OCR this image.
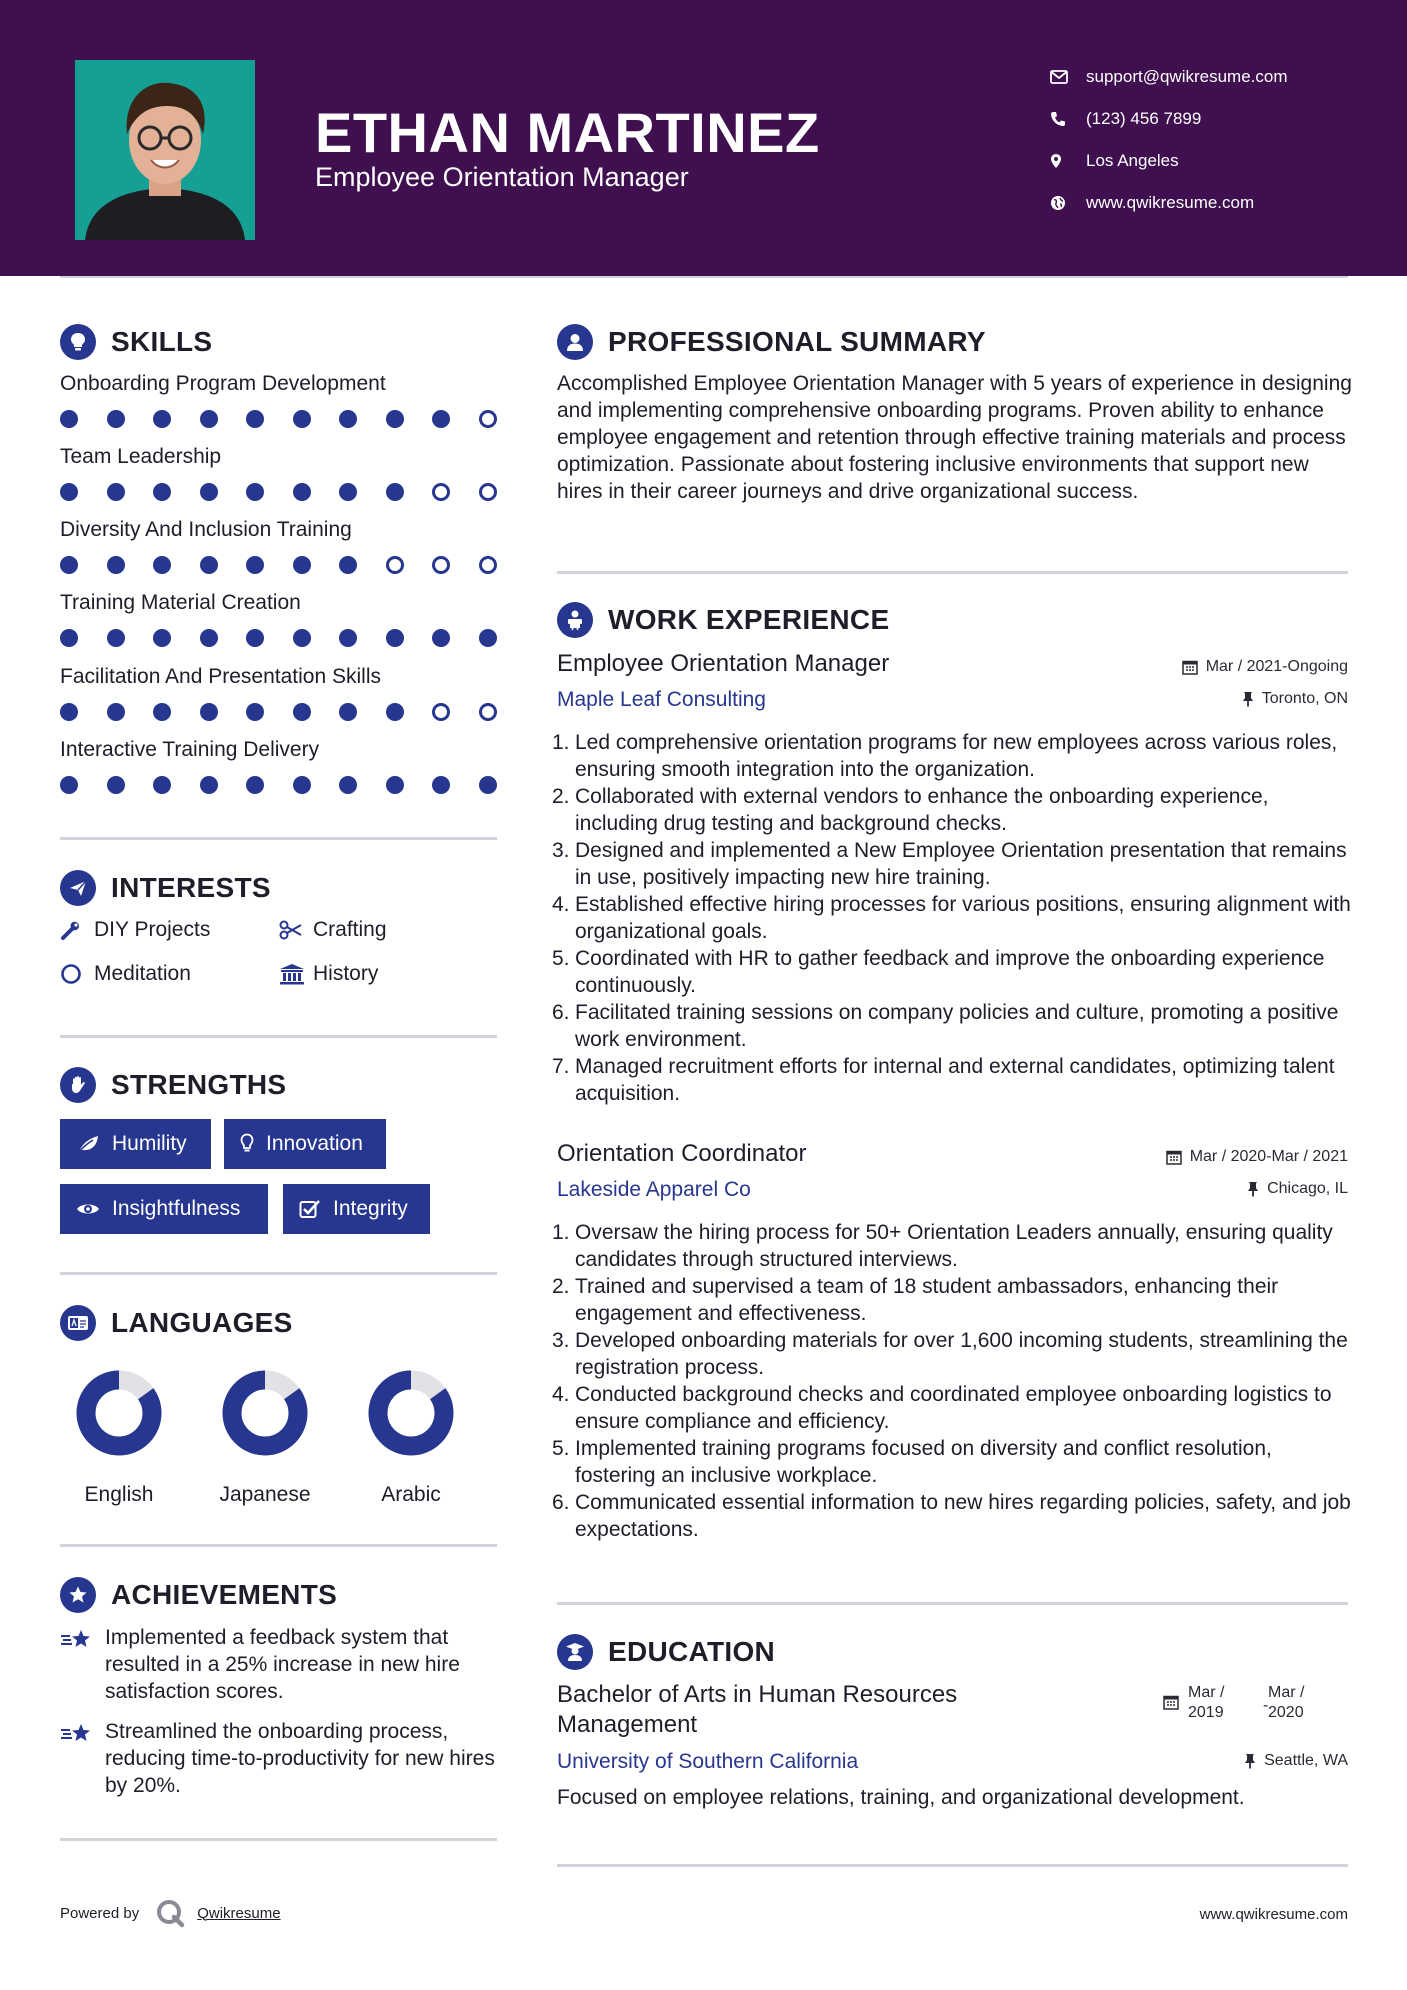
ETHAN MARTINEZ
Employee Orientation Manager
support@qwikresume.com
(123) 456 7899
Los Angeles
www.qwikresume.com
SKILLS
Onboarding Program Development
Team Leadership
Diversity And Inclusion Training
Training Material Creation
Facilitation And Presentation Skills
Interactive Training Delivery
INTERESTS
DIY Projects	Crafting
Meditation	History
STRENGTHS
Humility	Innovation
Insightfulness	Integrity
LANGUAGES
English	Japanese	Arabic
ACHIEVEMENTS
Implemented a feedback system that resulted in a 25% increase in new hire satisfaction scores.
Streamlined the onboarding process, reducing time-to-productivity for new hires by 20%.
PROFESSIONAL SUMMARY
Accomplished Employee Orientation Manager with 5 years of experience in designing and implementing comprehensive onboarding programs. Proven ability to enhance employee engagement and retention through effective training materials and process optimization. Passionate about fostering inclusive environments that support new hires in their career journeys and drive organizational success.
WORK EXPERIENCE
Employee Orientation Manager
Maple Leaf Consulting
Mar / 2021-Ongoing
Toronto, ON
1. Led comprehensive orientation programs for new employees across various roles, ensuring smooth integration into the organization.
2. Collaborated with external vendors to enhance the onboarding experience, including drug testing and background checks.
3. Designed and implemented a New Employee Orientation presentation that remains in use, positively impacting new hire training.
4. Established effective hiring processes for various positions, ensuring alignment with organizational goals.
5. Coordinated with HR to gather feedback and improve the onboarding experience continuously.
6. Facilitated training sessions on company policies and culture, promoting a positive work environment.
7. Managed recruitment efforts for internal and external candidates, optimizing talent acquisition.
Orientation Coordinator
Lakeside Apparel Co
Mar / 2020-Mar / 2021
Chicago, IL
1. Oversaw the hiring process for 50+ Orientation Leaders annually, ensuring quality candidates through structured interviews.
2. Trained and supervised a team of 18 student ambassadors, enhancing their engagement and effectiveness.
3. Developed onboarding materials for over 1,600 incoming students, streamlining the registration process.
4. Conducted background checks and coordinated employee onboarding logistics to ensure compliance and efficiency.
5. Implemented training programs focused on diversity and conflict resolution, fostering an inclusive workplace.
6. Communicated essential information to new hires regarding policies, safety, and job expectations.
EDUCATION
Bachelor of Arts in Human Resources Management
University of Southern California
Mar /
2019 -
Mar /
2020
Seattle, WA
Focused on employee relations, training, and organizational development.
Powered by	Qwikresume	www.qwikresume.com
